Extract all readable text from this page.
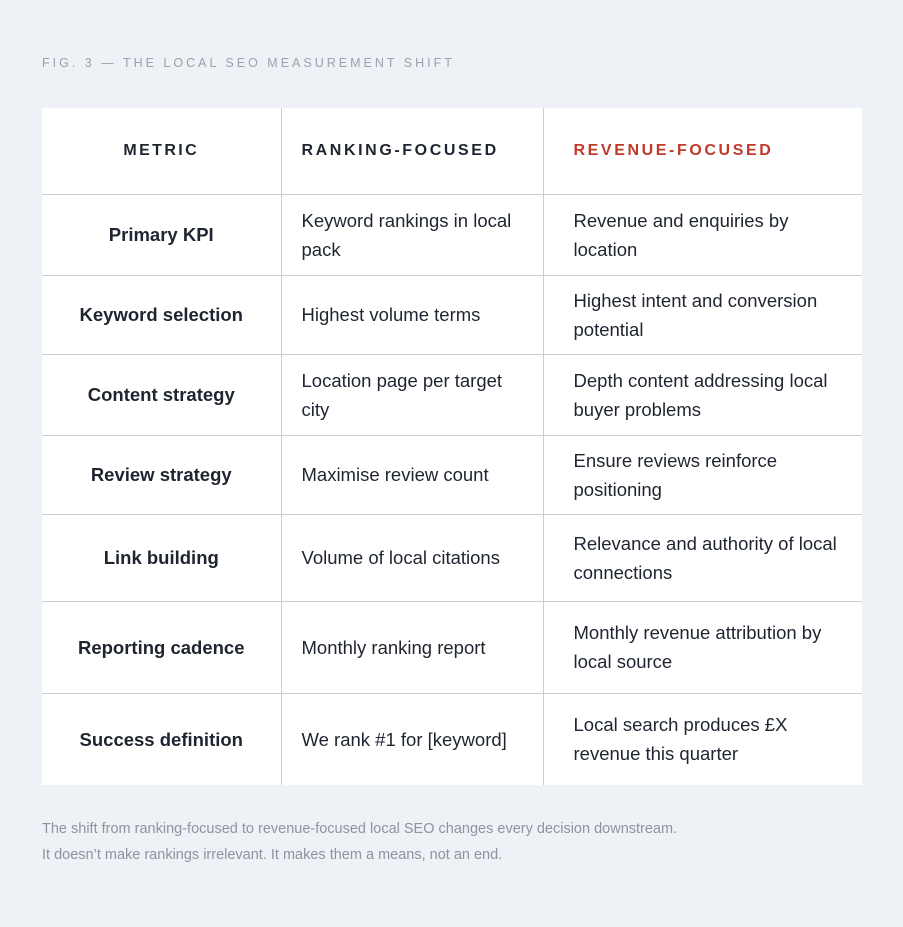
FIG. 3 — THE LOCAL SEO MEASUREMENT SHIFT
METRIC	RANKING-FOCUSED	REVENUE-FOCUSED
Primary KPI	Keyword rankings in local pack	Revenue and enquiries by location
Keyword selection	Highest volume terms	Highest intent and conversion potential
Content strategy	Location page per target city	Depth content addressing local buyer problems
Review strategy	Maximise review count	Ensure reviews reinforce positioning
Link building	Volume of local citations	Relevance and authority of local connections
Reporting cadence	Monthly ranking report	Monthly revenue attribution by local source
Success definition	We rank #1 for [keyword]	Local search produces £X revenue this quarter
The shift from ranking-focused to revenue-focused local SEO changes every decision downstream.
It doesn’t make rankings irrelevant. It makes them a means, not an end.
